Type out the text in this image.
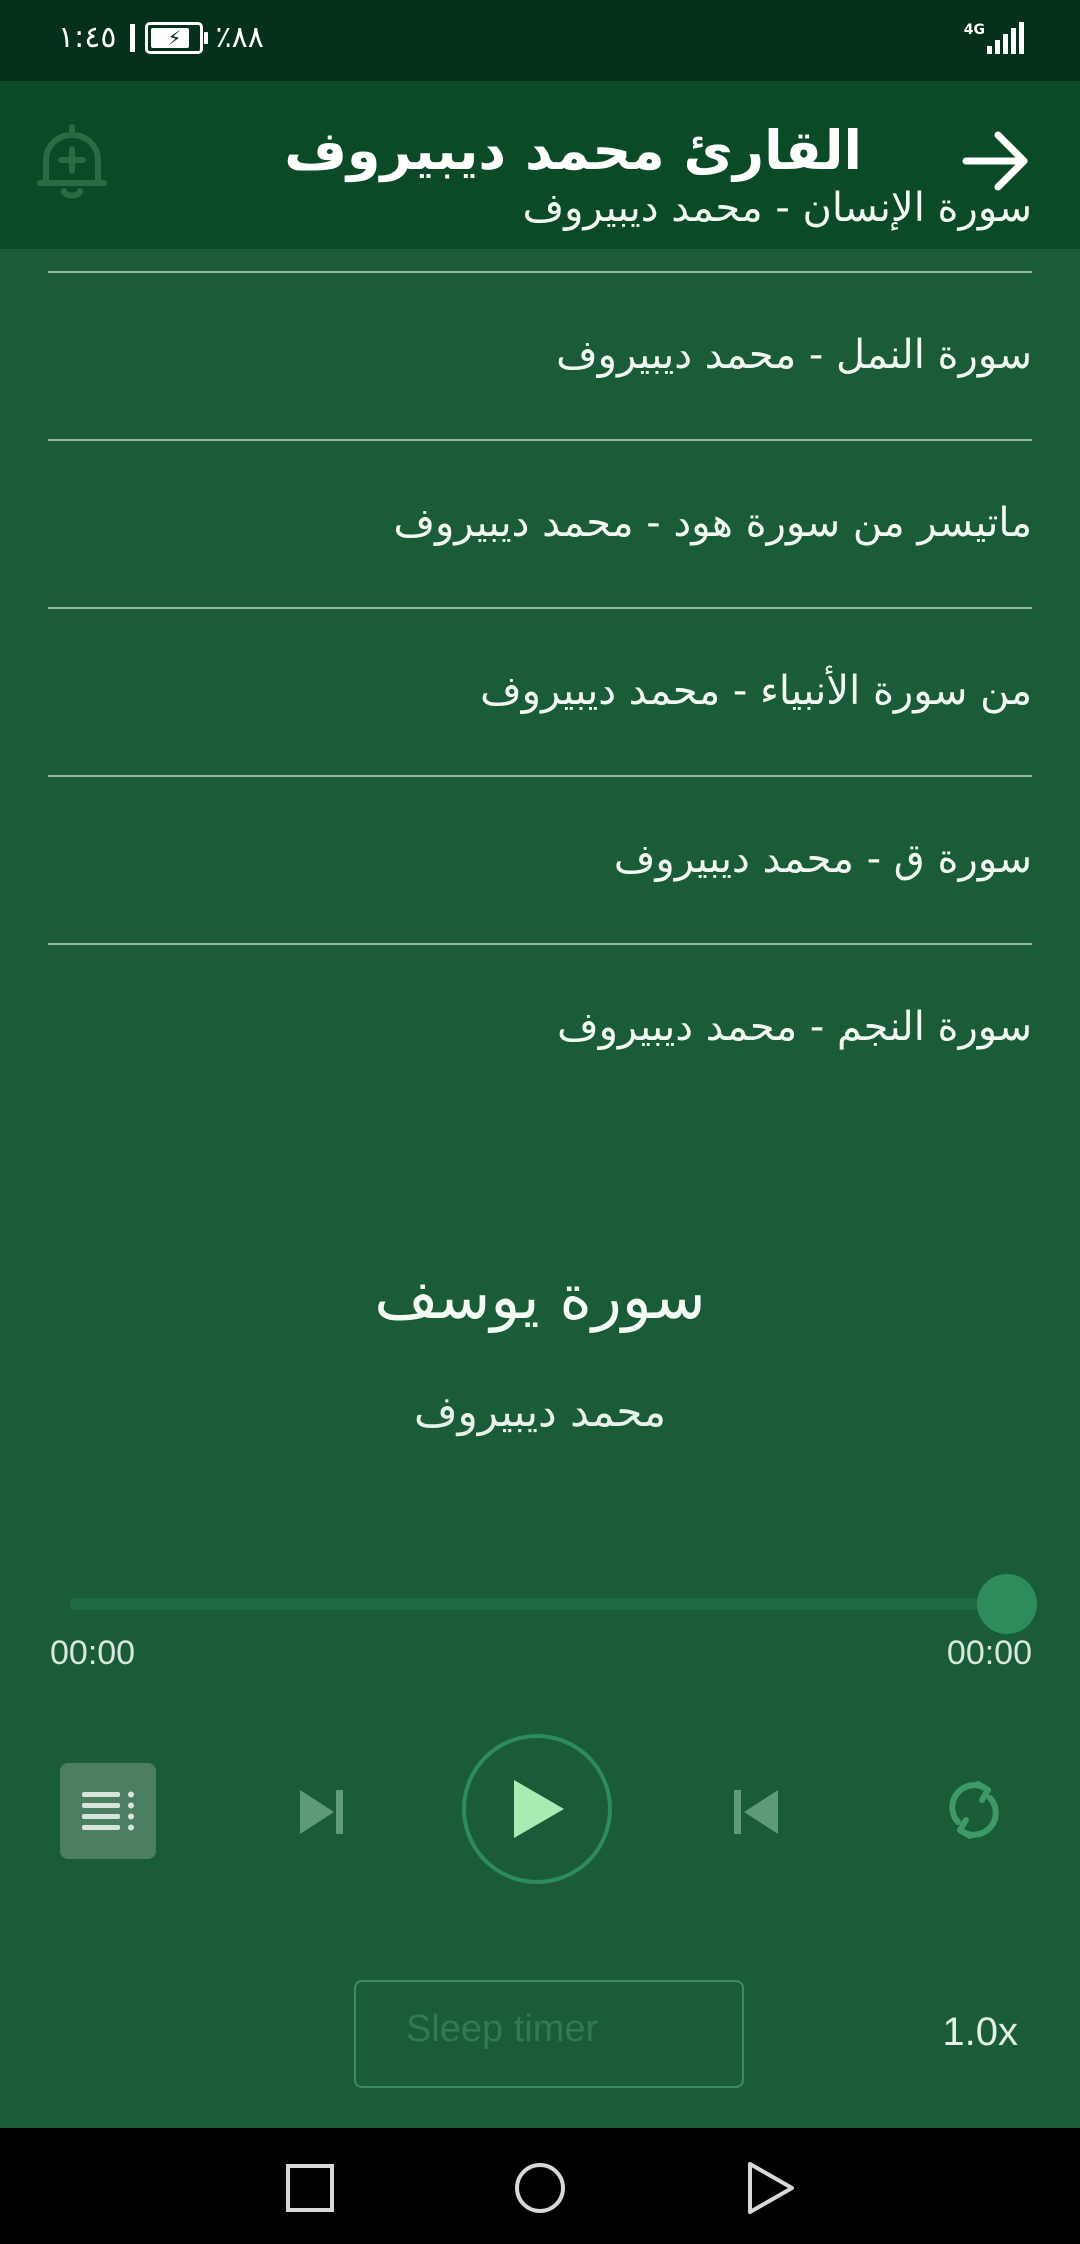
١:٤٥	⚡ ٪٨٨	4G
القارئ محمد ديبيروف
سورة الإنسان - محمد ديبيروف
سورة النمل - محمد ديبيروف
ماتيسر من سورة هود - محمد ديبيروف
من سورة الأنبياء - محمد ديبيروف
سورة ق - محمد ديبيروف
سورة النجم - محمد ديبيروف
سورة يوسف
محمد ديبيروف
00:00	00:00
Sleep timer	1.0x
